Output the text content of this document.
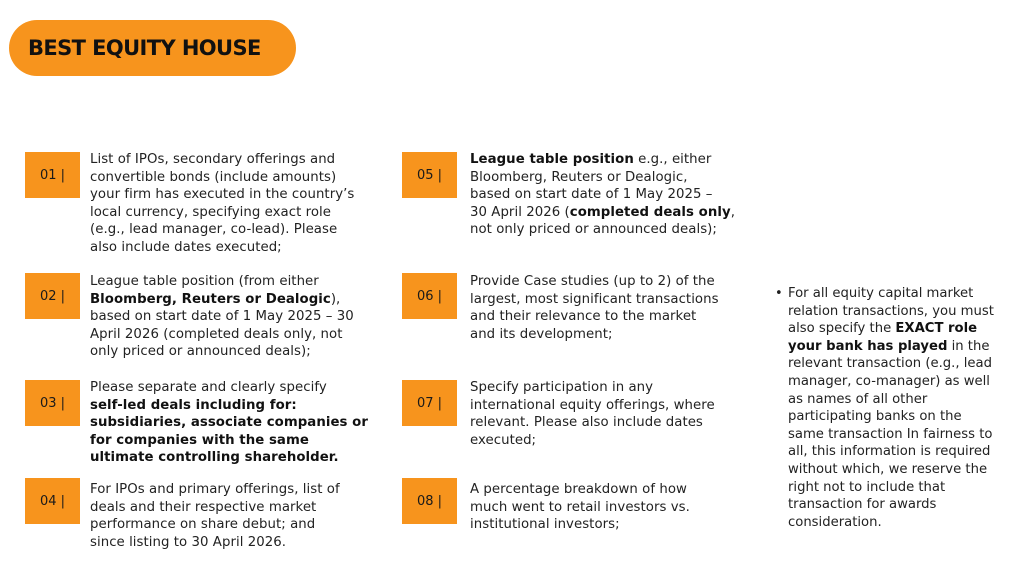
BEST EQUITY HOUSE
01 |
List of IPOs, secondary offerings and
convertible bonds (include amounts)
your firm has executed in the country’s
local currency, specifying exact role
(e.g., lead manager, co-lead). Please
also include dates executed;
02 |
League table position (from either
Bloomberg, Reuters or Dealogic),
based on start date of 1 May 2025 – 30
April 2026 (completed deals only, not
only priced or announced deals);
03 |
Please separate and clearly specify
self-led deals including for:
subsidiaries, associate companies or
for companies with the same
ultimate controlling shareholder.
04 |
For IPOs and primary offerings, list of
deals and their respective market
performance on share debut; and
since listing to 30 April 2026.
05 |
League table position e.g., either
Bloomberg, Reuters or Dealogic,
based on start date of 1 May 2025 –
30 April 2026 (completed deals only,
not only priced or announced deals);
06 |
Provide Case studies (up to 2) of the
largest, most significant transactions
and their relevance to the market
and its development;
07 |
Specify participation in any
international equity offerings, where
relevant. Please also include dates
executed;
08 |
A percentage breakdown of how
much went to retail investors vs.
institutional investors;
• For all equity capital market
relation transactions, you must
also specify the EXACT role
your bank has played in the
relevant transaction (e.g., lead
manager, co-manager) as well
as names of all other
participating banks on the
same transaction In fairness to
all, this information is required
without which, we reserve the
right not to include that
transaction for awards
consideration.
